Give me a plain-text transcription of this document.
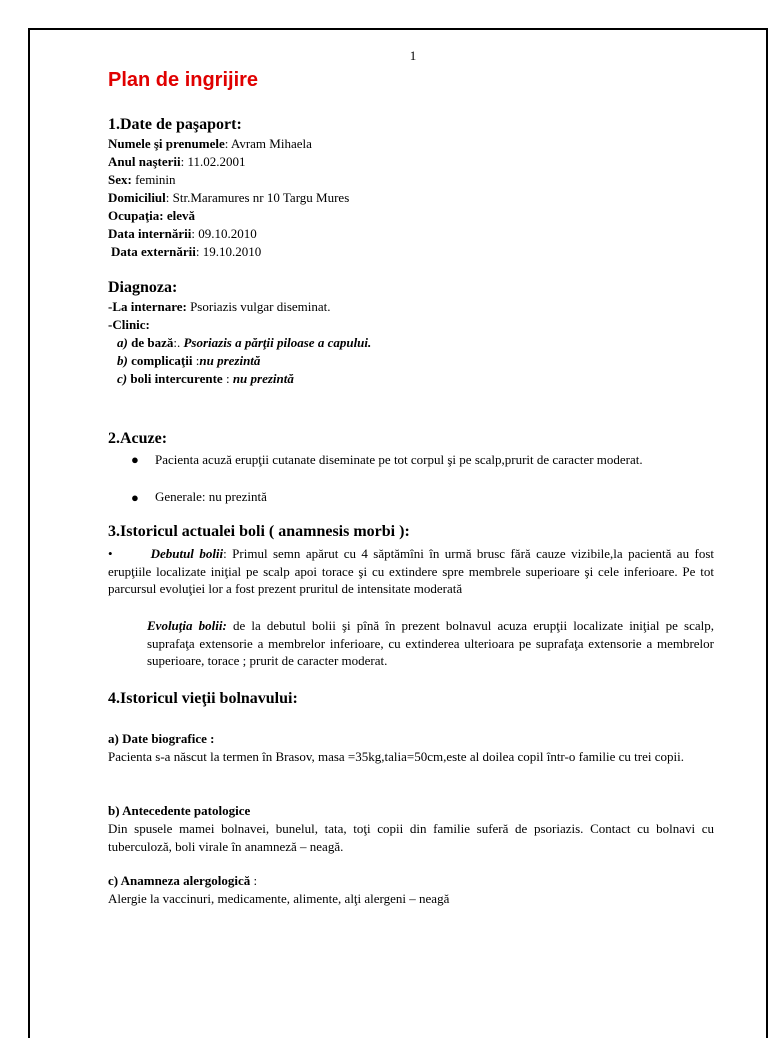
1
Plan de ingrijire
1.Date de paşaport:
Numele şi prenumele: Avram Mihaela
Anul naşterii: 11.02.2001
Sex: feminin
Domiciliul: Str.Maramures nr 10 Targu Mures
Ocupaţia: elevă
Data internării: 09.10.2010
Data externării: 19.10.2010
Diagnoza:
-La internare: Psoriazis vulgar diseminat.
-Clinic:
a) de bază:. Psoriazis a părţii piloase a capului.
b) complicaţii :nu prezintă
c) boli intercurente : nu prezintă
2.Acuze:
● Pacienta acuză erupţii cutanate diseminate pe tot corpul şi pe scalp,prurit de caracter moderat.
● Generale: nu prezintă
3.Istoricul actualei boli ( anamnesis morbi ):
•	Debutul bolii: Primul semn apărut cu 4 săptămîni în urmă brusc fără cauze vizibile,la pacientă au fost erupţiile localizate iniţial pe scalp apoi torace şi cu extindere spre membrele superioare şi cele inferioare. Pe tot parcursul evoluţiei lor a fost prezent pruritul de intensitate moderată
Evoluţia bolii: de la debutul bolii şi pînă în prezent bolnavul acuza erupţii localizate iniţial pe scalp, suprafaţa extensorie a membrelor inferioare, cu extinderea ulterioara pe suprafaţa extensorie a membrelor superioare, torace ; prurit de caracter moderat.
4.Istoricul vieţii bolnavului:
a) Date biografice :
Pacienta s-a născut la termen în Brasov, masa =35kg,talia=50cm,este al doilea copil într-o familie cu trei copii.
b) Antecedente patologice
Din spusele mamei bolnavei, bunelul, tata, toţi copii din familie suferă de psoriazis. Contact cu bolnavi cu tuberculoză, boli virale în anamneză – neagă.
c) Anamneza alergologică :
Alergie la vaccinuri, medicamente, alimente, alţi alergeni – neagă
